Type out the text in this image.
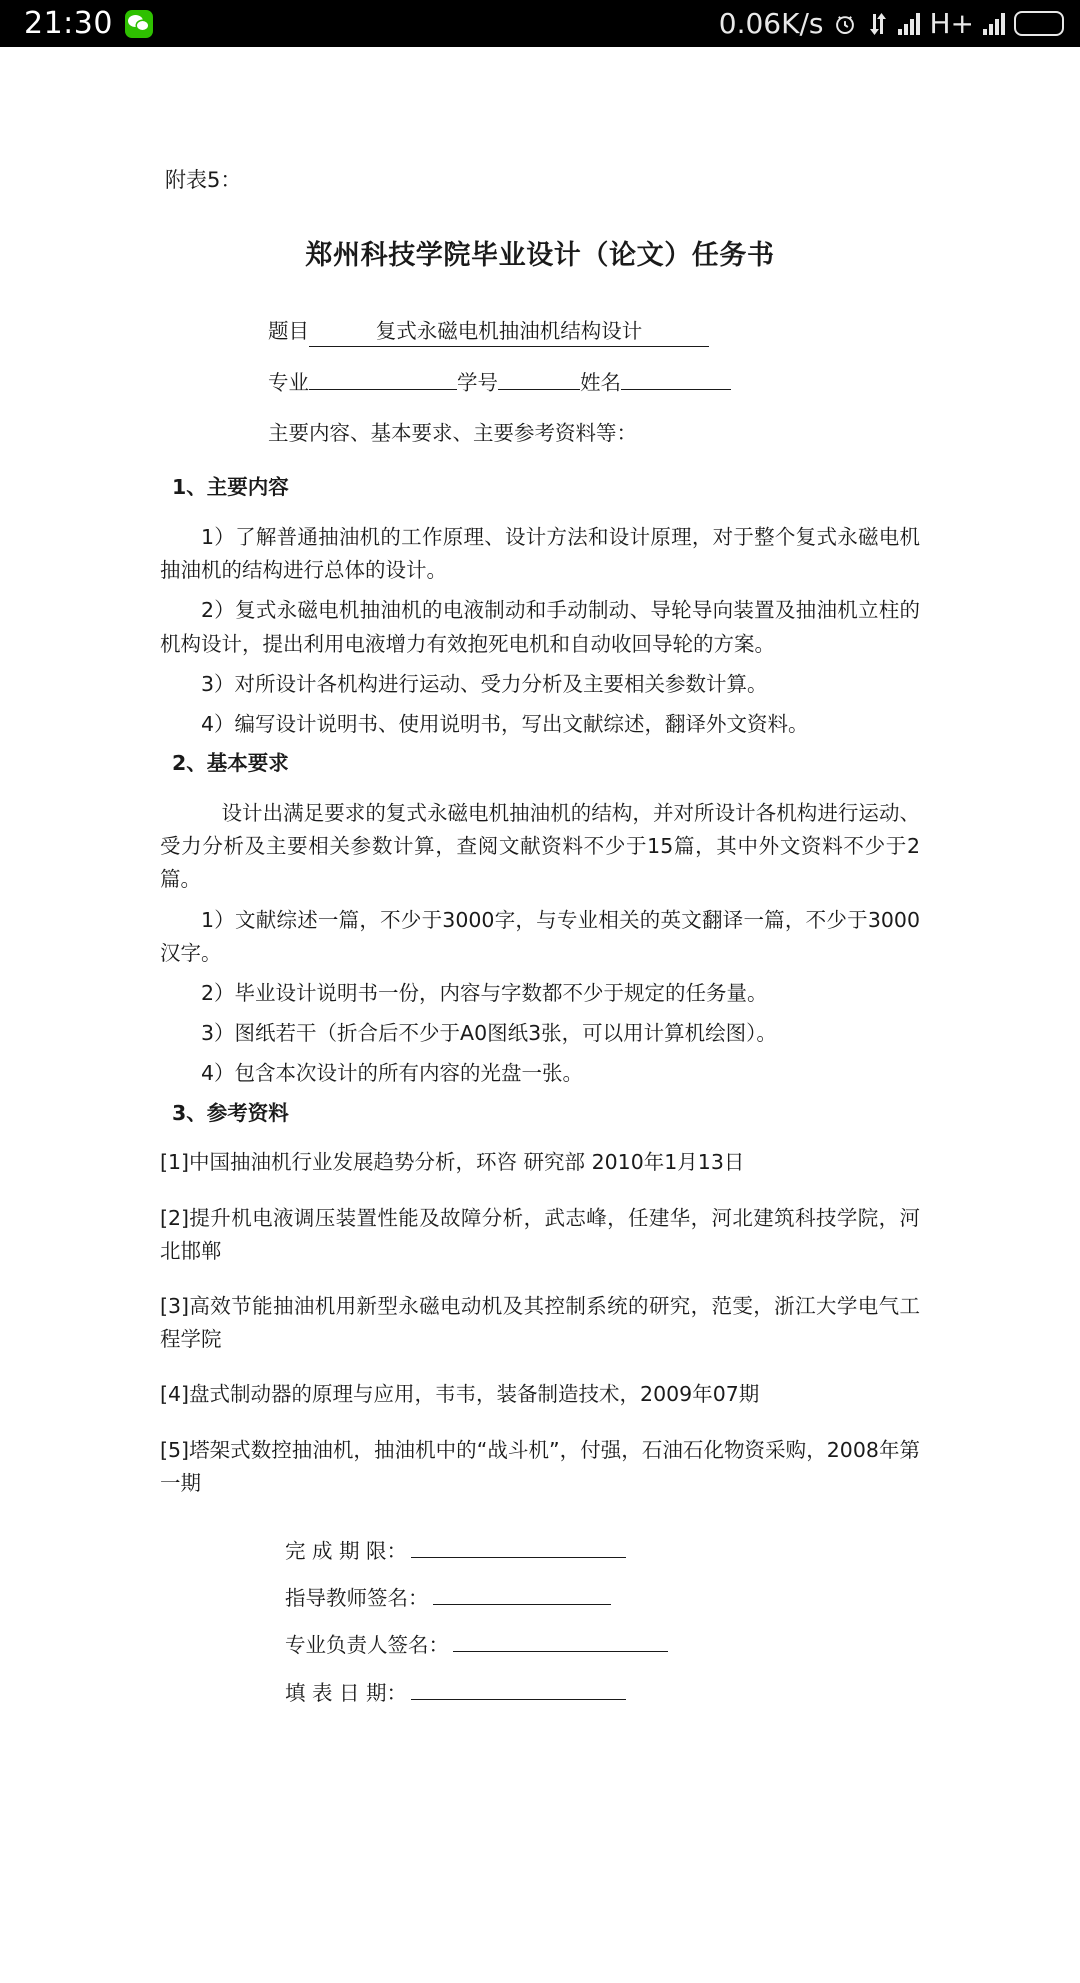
21:30	0.06K/s	H+
附表5：
郑州科技学院毕业设计（论文）任务书
题目	复式永磁电机抽油机结构设计
专业	学号	姓名
主要内容、基本要求、主要参考资料等：
1、主要内容

1）了解普通抽油机的工作原理、设计方法和设计原理，对于整个复式永磁电机抽油机的结构进行总体的设计。

2）复式永磁电机抽油机的电液制动和手动制动、导轮导向装置及抽油机立柱的机构设计，提出利用电液增力有效抱死电机和自动收回导轮的方案。

3）对所设计各机构进行运动、受力分析及主要相关参数计算。

4）编写设计说明书、使用说明书，写出文献综述，翻译外文资料。

2、基本要求

设计出满足要求的复式永磁电机抽油机的结构，并对所设计各机构进行运动、受力分析及主要相关参数计算，查阅文献资料不少于15篇，其中外文资料不少于2篇。

1）文献综述一篇，不少于3000字，与专业相关的英文翻译一篇，不少于3000汉字。

2）毕业设计说明书一份，内容与字数都不少于规定的任务量。

3）图纸若干（折合后不少于A0图纸3张，可以用计算机绘图）。

4）包含本次设计的所有内容的光盘一张。

3、参考资料

[1]中国抽油机行业发展趋势分析，环咨 研究部 2010年1月13日

[2]提升机电液调压装置性能及故障分析，武志峰，任建华，河北建筑科技学院，河北邯郸

[3]高效节能抽油机用新型永磁电动机及其控制系统的研究，范雯，浙江大学电气工程学院

[4]盘式制动器的原理与应用，韦韦，装备制造技术，2009年07期

[5]塔架式数控抽油机，抽油机中的“战斗机”，付强，石油石化物资采购，2008年第一期

完 成 期 限：
指导教师签名：
专业负责人签名：
填 表 日 期：
